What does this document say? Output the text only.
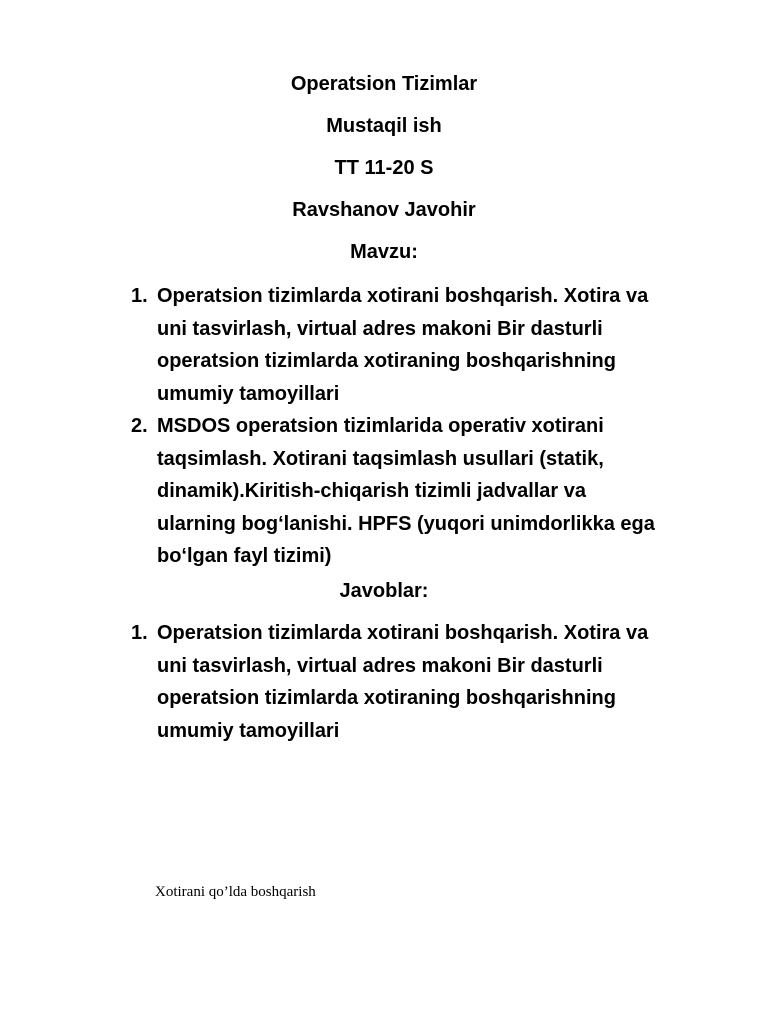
Operatsion Tizimlar
Mustaqil ish
TT 11-20 S
Ravshanov Javohir
Mavzu:
1. Operatsion tizimlarda xotirani boshqarish. Xotira va
uni tasvirlash, virtual adres makoni Bir dasturli
operatsion tizimlarda xotiraning boshqarishning
umumiy tamoyillari
2. MSDOS operatsion tizimlarida operativ xotirani
taqsimlash. Xotirani taqsimlash usullari (statik,
dinamik).Kiritish-chiqarish tizimli jadvallar va
ularning bog‘lanishi. HPFS (yuqori unimdorlikka ega
bo‘lgan fayl tizimi)
Javoblar:
1. Operatsion tizimlarda xotirani boshqarish. Xotira va
uni tasvirlash, virtual adres makoni Bir dasturli
operatsion tizimlarda xotiraning boshqarishning
umumiy tamoyillari
Xotirani qo’lda boshqarish
